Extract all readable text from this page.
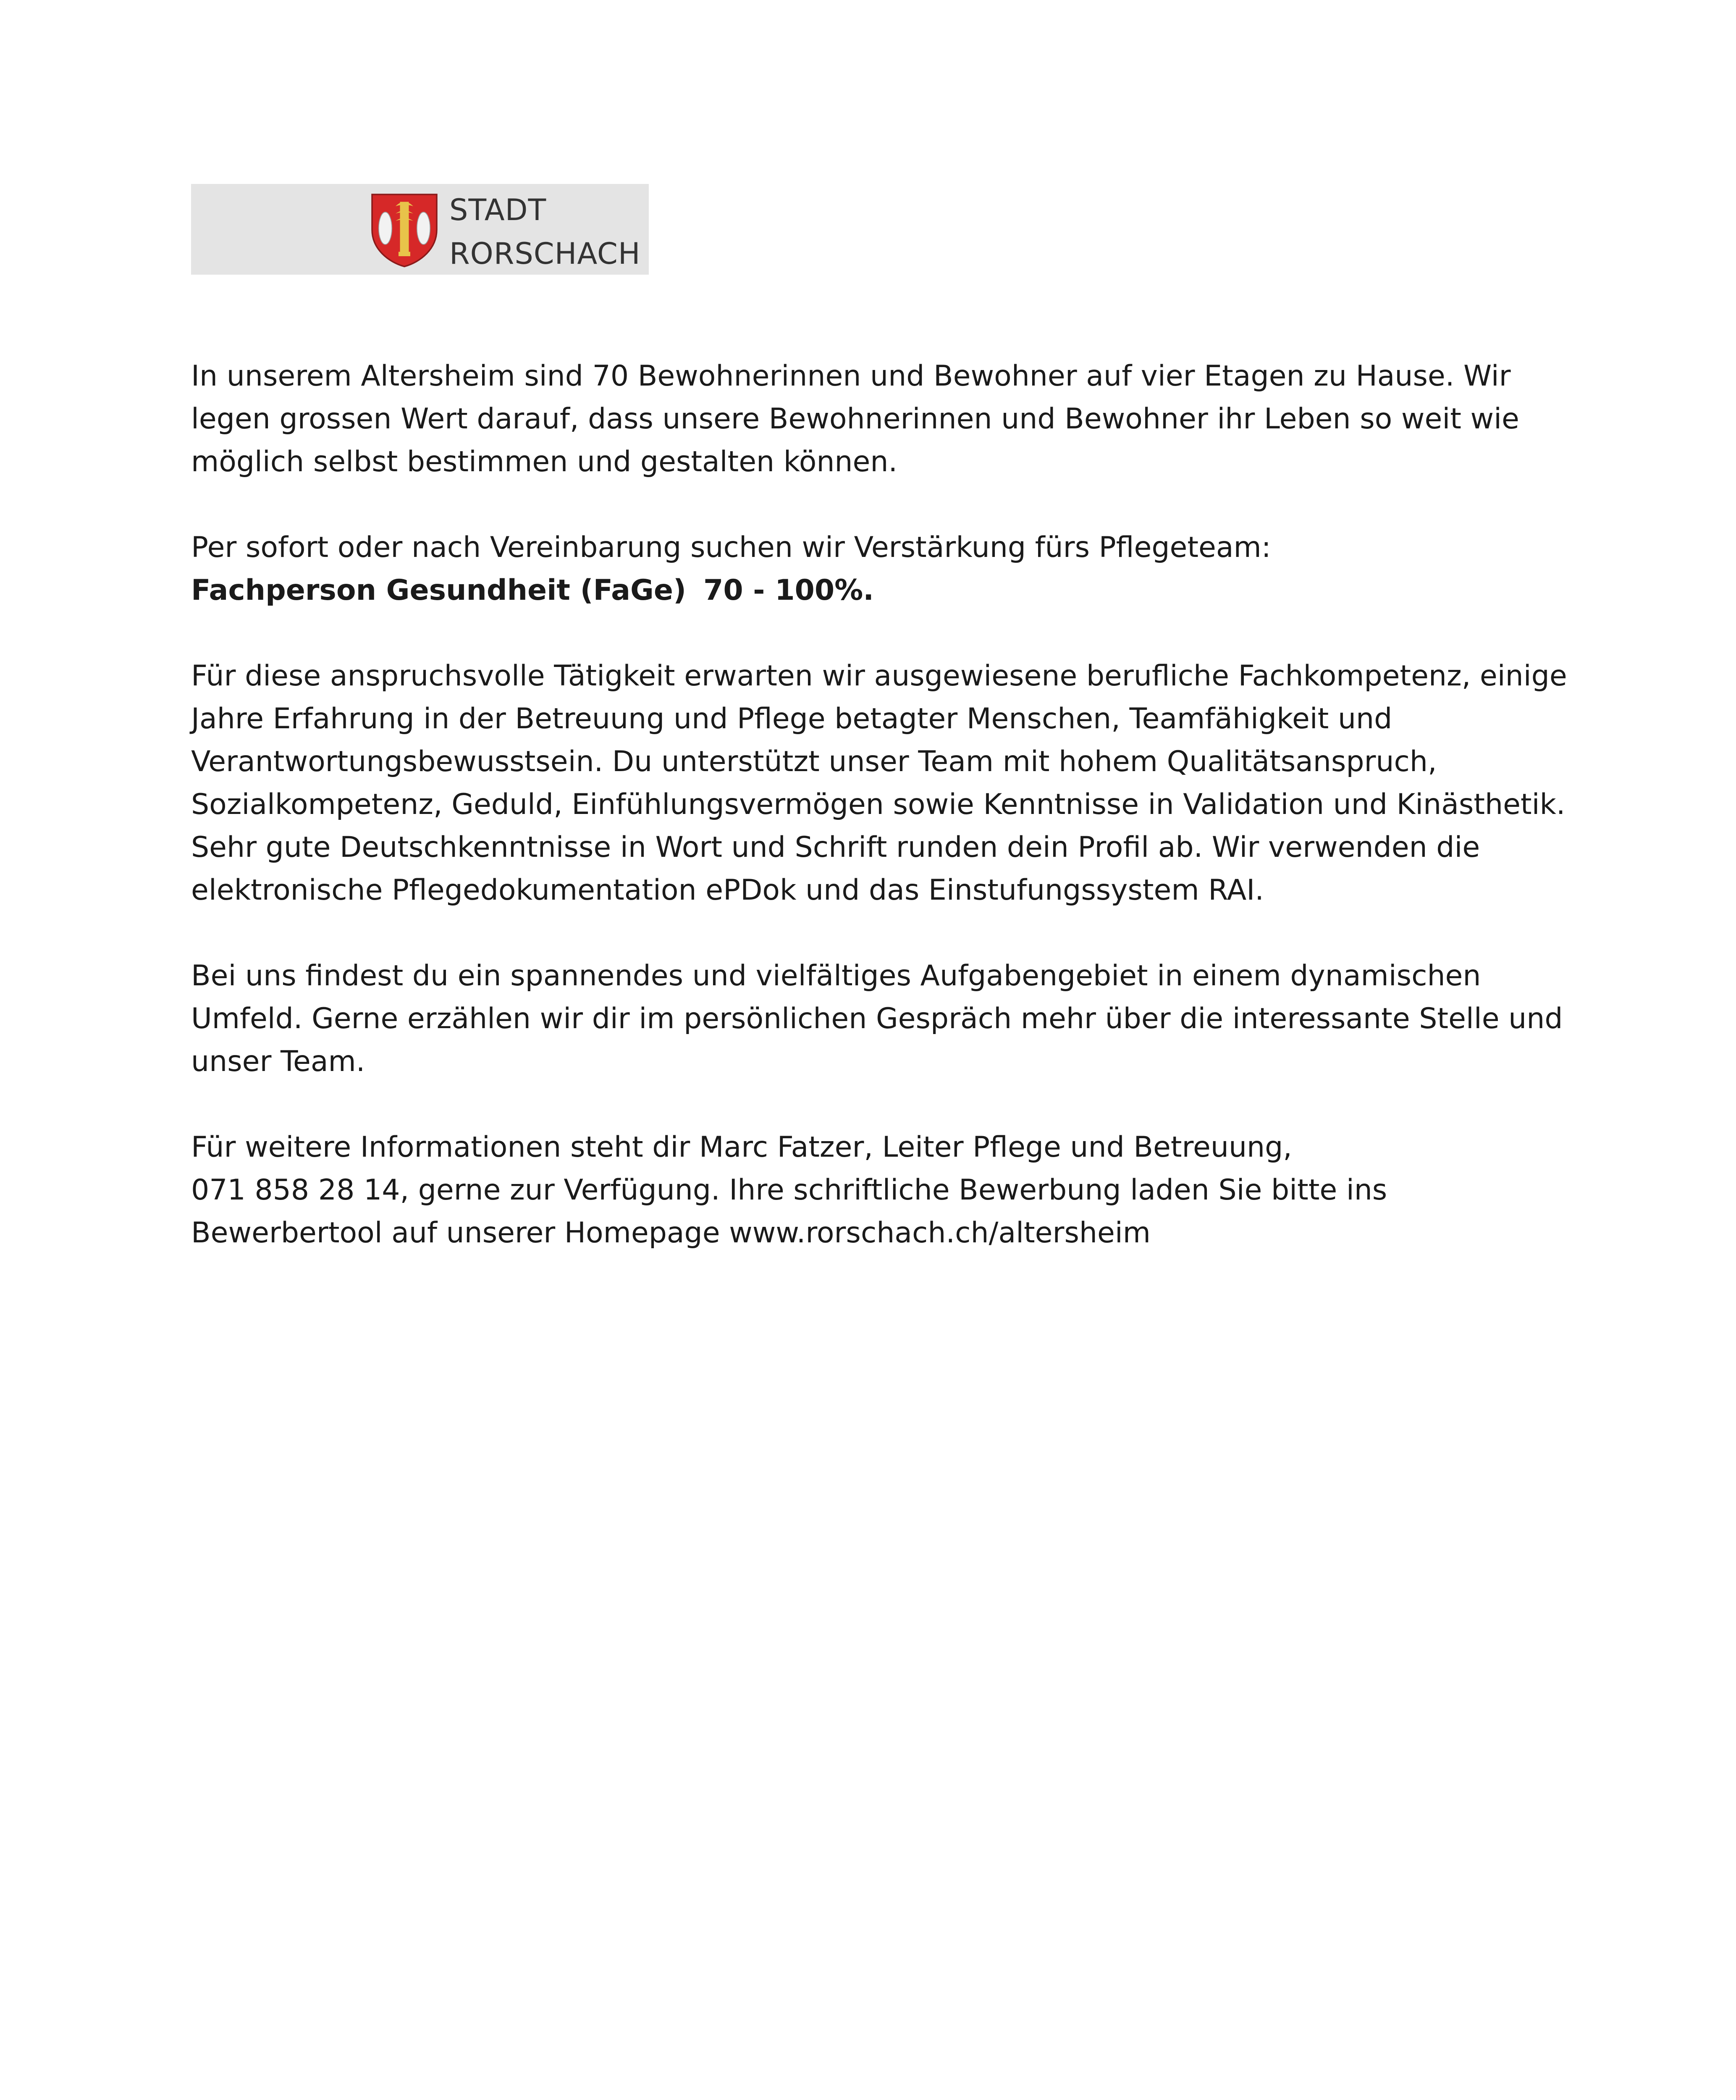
STADT
RORSCHACH

In unserem Altersheim sind 70 Bewohnerinnen und Bewohner auf vier Etagen zu Hause. Wir legen grossen Wert darauf, dass unsere Bewohnerinnen und Bewohner ihr Leben so weit wie möglich selbst bestimmen und gestalten können.

Per sofort oder nach Vereinbarung suchen wir Verstärkung fürs Pflegeteam:

Fachperson Gesundheit (FaGe) 70 - 100%.

Für diese anspruchsvolle Tätigkeit erwarten wir ausgewiesene berufliche Fachkompetenz, einige Jahre Erfahrung in der Betreuung und Pflege betagter Menschen, Teamfähigkeit und Verantwortungsbewusstsein. Du unterstützt unser Team mit hohem Qualitätsanspruch, Sozialkompetenz, Geduld, Einfühlungsvermögen sowie Kenntnisse in Validation und Kinästhetik.

Sehr gute Deutschkenntnisse in Wort und Schrift runden dein Profil ab. Wir verwenden die elektronische Pflegedokumentation ePDok und das Einstufungssystem RAI.

Bei uns findest du ein spannendes und vielfältiges Aufgabengebiet in einem dynamischen Umfeld. Gerne erzählen wir dir im persönlichen Gespräch mehr über die interessante Stelle und unser Team.

Für weitere Informationen steht dir Marc Fatzer, Leiter Pflege und Betreuung,

071 858 28 14, gerne zur Verfügung. Ihre schriftliche Bewerbung laden Sie bitte ins Bewerbertool auf unserer Homepage www.rorschach.ch/altersheim
